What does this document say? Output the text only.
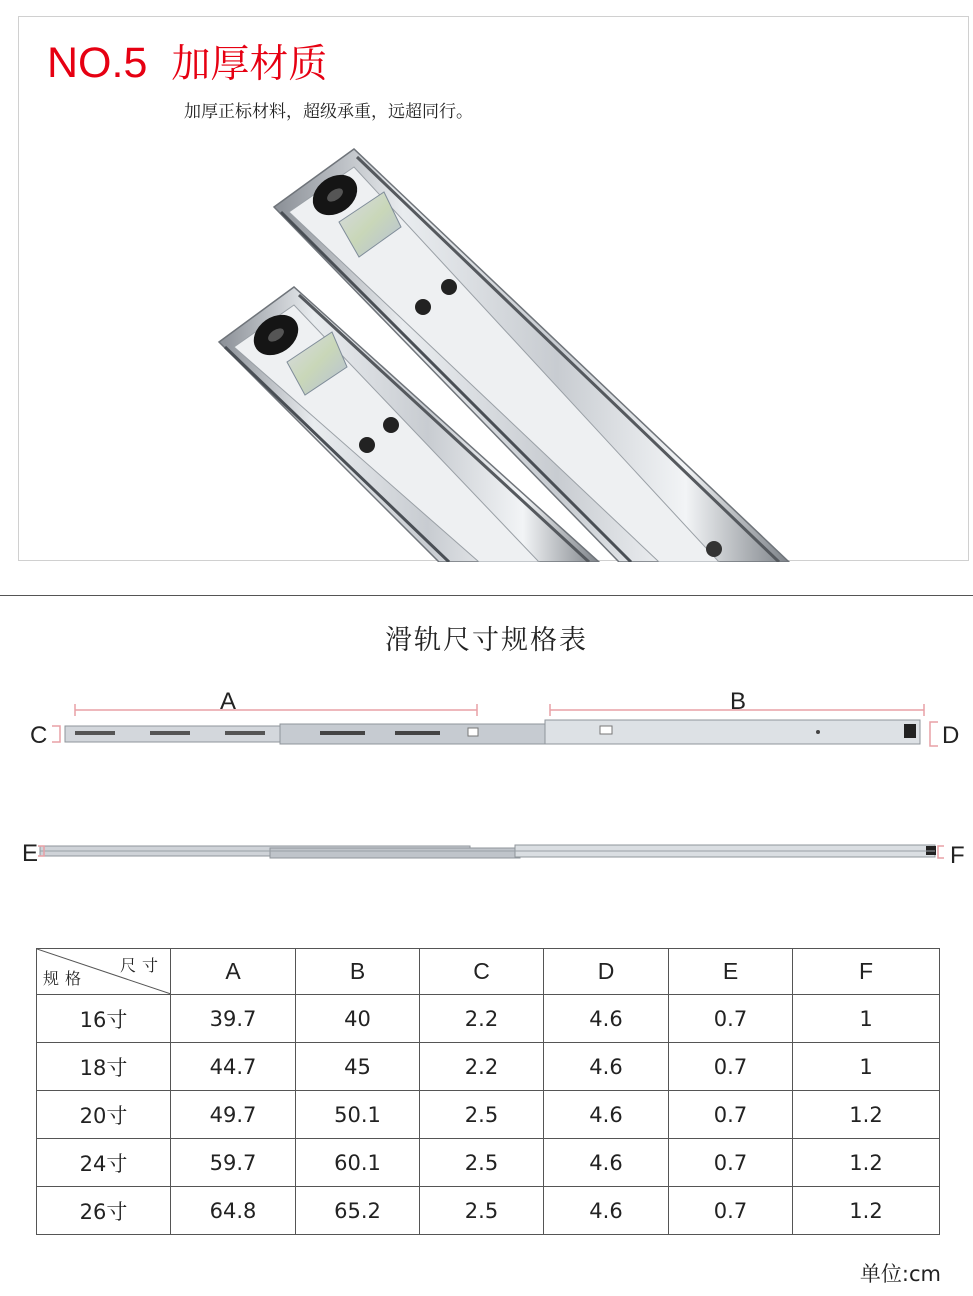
NO.5 加厚材质
加厚正标材料，超级承重，远超同行。
滑轨尺寸规格表
A	B
C	D
E	F
尺寸
规格	A	B	C	D	E	F
16寸	39.7	40	2.2	4.6	0.7	1
18寸	44.7	45	2.2	4.6	0.7	1
20寸	49.7	50.1	2.5	4.6	0.7	1.2
24寸	59.7	60.1	2.5	4.6	0.7	1.2
26寸	64.8	65.2	2.5	4.6	0.7	1.2
单位:cm
